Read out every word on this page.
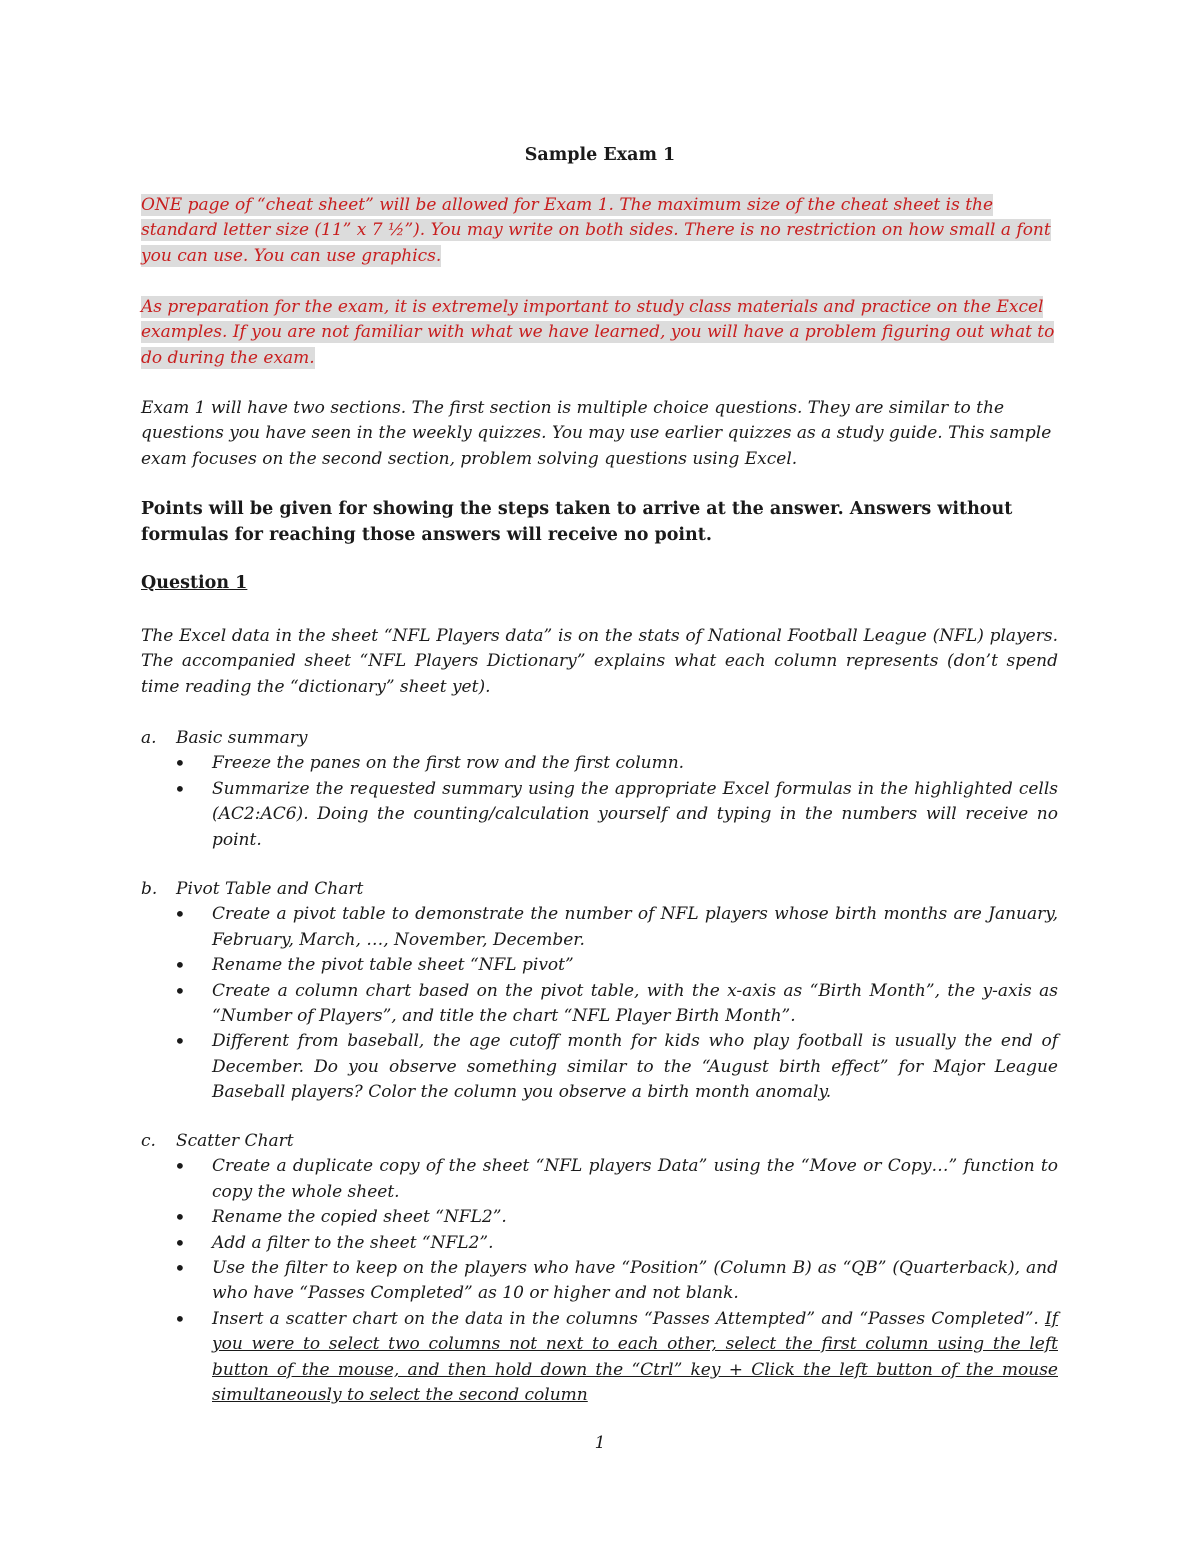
Sample Exam 1
ONE page of “cheat sheet” will be allowed for Exam 1. The maximum size of the cheat sheet is the standard letter size (11” x 7 ½”). You may write on both sides. There is no restriction on how small a font you can use. You can use graphics.
As preparation for the exam, it is extremely important to study class materials and practice on the Excel examples. If you are not familiar with what we have learned, you will have a problem figuring out what to do during the exam.
Exam 1 will have two sections. The first section is multiple choice questions. They are similar to the questions you have seen in the weekly quizzes. You may use earlier quizzes as a study guide. This sample exam focuses on the second section, problem solving questions using Excel.
Points will be given for showing the steps taken to arrive at the answer. Answers without formulas for reaching those answers will receive no point.
Question 1
The Excel data in the sheet “NFL Players data” is on the stats of National Football League (NFL) players. The accompanied sheet “NFL Players Dictionary” explains what each column represents (don’t spend time reading the “dictionary” sheet yet).
a.	Basic summary
• Freeze the panes on the first row and the first column.
• Summarize the requested summary using the appropriate Excel formulas in the highlighted cells (AC2:AC6). Doing the counting/calculation yourself and typing in the numbers will receive no point.
b.	Pivot Table and Chart
• Create a pivot table to demonstrate the number of NFL players whose birth months are January, February, March, …, November, December.
• Rename the pivot table sheet “NFL pivot”
• Create a column chart based on the pivot table, with the x-axis as “Birth Month”, the y-axis as “Number of Players”, and title the chart “NFL Player Birth Month”.
• Different from baseball, the age cutoff month for kids who play football is usually the end of December. Do you observe something similar to the “August birth effect” for Major League Baseball players? Color the column you observe a birth month anomaly.
c.	Scatter Chart
• Create a duplicate copy of the sheet “NFL players Data” using the “Move or Copy…” function to copy the whole sheet.
• Rename the copied sheet “NFL2”.
• Add a filter to the sheet “NFL2”.
• Use the filter to keep on the players who have “Position” (Column B) as “QB” (Quarterback), and who have “Passes Completed” as 10 or higher and not blank.
• Insert a scatter chart on the data in the columns “Passes Attempted” and “Passes Completed”. If you were to select two columns not next to each other, select the first column using the left button of the mouse, and then hold down the “Ctrl” key + Click the left button of the mouse simultaneously to select the second column
1
